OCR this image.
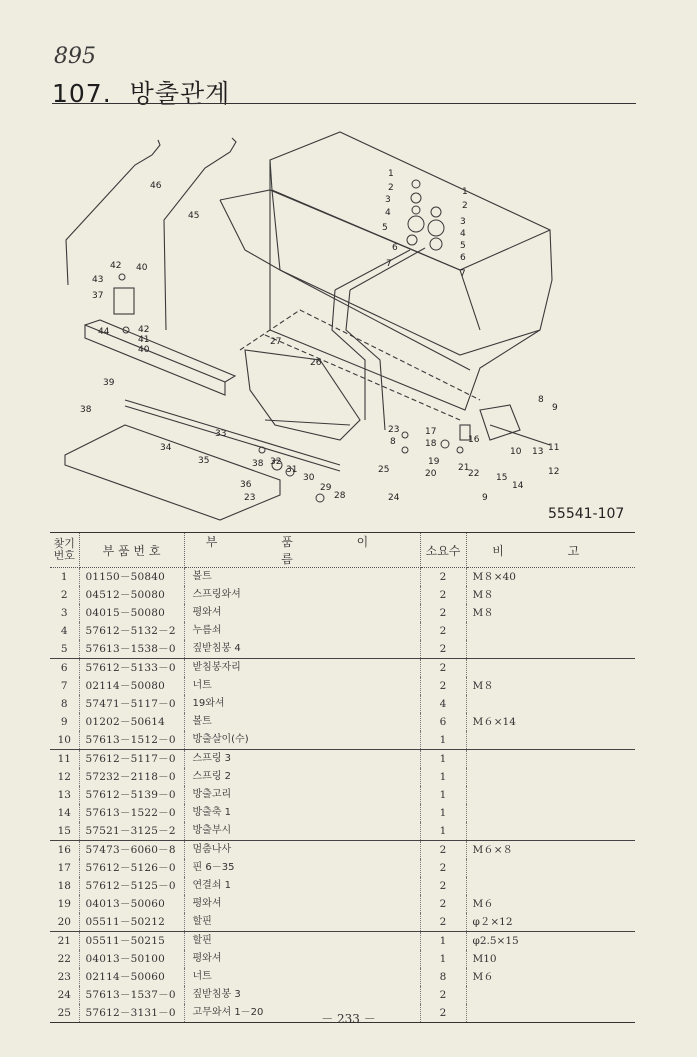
895
107. 방출관계
46
45
43
42 40
37
44	42
41
40
39
38
27
26
33
34
35	38 32
31
30
29
28
36
23
1
2
3
4
5
6
7
1
2
3
4
5
6
7
23
8
25
24
17
18
19
20
21
22
16
9
15
14
10 13 11
12
8
9
55541-107
찾기
번호	부 품 번 호	부 품 이 름	소요수	비 고
1	01150－50840	볼트	2	M８×40
2	04512－50080	스프링와셔	2	M８
3	04015－50080	평와셔	2	M８
4	57612－5132－2	누름쇠	2	
5	57613－1538－0	짚받침봉 4	2	
6	57612－5133－0	받침봉자리	2	
7	02114－50080	너트	2	M８
8	57471－5117－0	19와셔	4	
9	01202－50614	볼트	6	M６×14
10	57613－1512－0	방출살이(수)	1	
11	57612－5117－0	스프링 3	1	
12	57232－2118－0	스프링 2	1	
13	57612－5139－0	방출고리	1	
14	57613－1522－0	방출축 1	1	
15	57521－3125－2	방출부시	1	
16	57473－6060－8	멈춤나사	2	M６×８
17	57612－5126－0	핀 6－35	2	
18	57612－5125－0	연결쇠 1	2	
19	04013－50060	평와셔	2	M６
20	05511－50212	할핀	2	φ２×12
21	05511－50215	할핀	1	φ2.5×15
22	04013－50100	평와셔	1	M10
23	02114－50060	너트	8	M６
24	57613－1537－0	짚받침봉 3	2	
25	57612－3131－0	고무와셔 1－20	2	
－ 233 －
